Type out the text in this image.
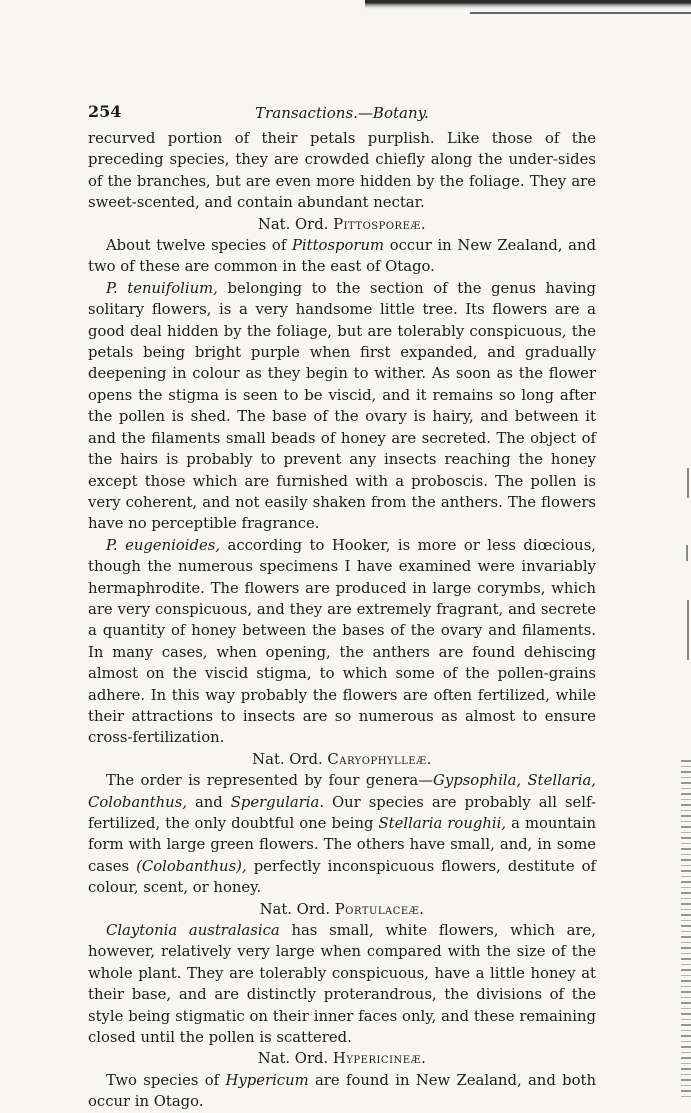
254	Transactions.—Botany.

recurved portion of their petals purplish. Like those of the preceding species, they are crowded chiefly along the under-sides of the branches, but are even more hidden by the foliage. They are sweet-scented, and contain abundant nectar.

Nat. Ord. Pittosporeæ.

About twelve species of Pittosporum occur in New Zealand, and two of these are common in the east of Otago.

P. tenuifolium, belonging to the section of the genus having solitary flowers, is a very handsome little tree. Its flowers are a good deal hidden by the foliage, but are tolerably conspicuous, the petals being bright purple when first expanded, and gradually deepening in colour as they begin to wither. As soon as the flower opens the stigma is seen to be viscid, and it remains so long after the pollen is shed. The base of the ovary is hairy, and between it and the filaments small beads of honey are secreted. The object of the hairs is probably to prevent any insects reaching the honey except those which are furnished with a proboscis. The pollen is very coherent, and not easily shaken from the anthers. The flowers have no perceptible fragrance.

P. eugenioides, according to Hooker, is more or less diœcious, though the numerous specimens I have examined were invariably hermaphrodite. The flowers are produced in large corymbs, which are very conspicuous, and they are extremely fragrant, and secrete a quantity of honey between the bases of the ovary and filaments. In many cases, when opening, the anthers are found dehiscing almost on the viscid stigma, to which some of the pollen-grains adhere. In this way probably the flowers are often fertilized, while their attractions to insects are so numerous as almost to ensure cross-fertilization.

Nat. Ord. Caryophylleæ.

The order is represented by four genera—Gypsophila, Stellaria, Colobanthus, and Spergularia. Our species are probably all self-fertilized, the only doubtful one being Stellaria roughii, a mountain form with large green flowers. The others have small, and, in some cases (Colobanthus), perfectly inconspicuous flowers, destitute of colour, scent, or honey.

Nat. Ord. Portulaceæ.

Claytonia australasica has small, white flowers, which are, however, relatively very large when compared with the size of the whole plant. They are tolerably conspicuous, have a little honey at their base, and are distinctly proterandrous, the divisions of the style being stigmatic on their inner faces only, and these remaining closed until the pollen is scattered.

Nat. Ord. Hypericineæ.

Two species of Hypericum are found in New Zealand, and both occur in Otago.
